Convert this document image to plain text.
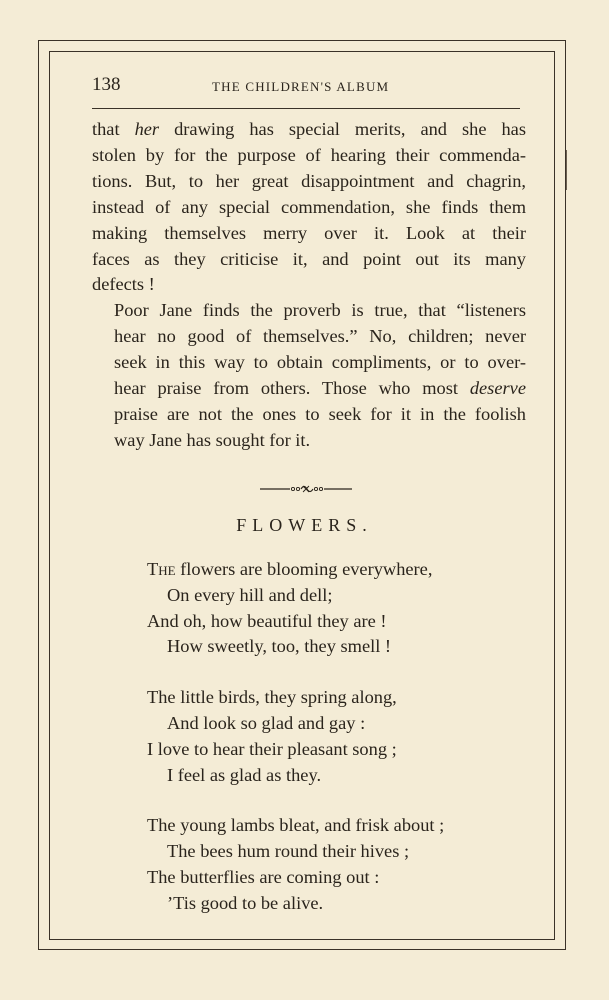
138	THE CHILDREN'S ALBUM

that her drawing has special merits, and she has
stolen by for the purpose of hearing their commenda-
tions. But, to her great disappointment and chagrin,
instead of any special commendation, she finds them
making themselves merry over it. Look at their
faces as they criticise it, and point out its many
defects !

Poor Jane finds the proverb is true, that “listeners
hear no good of themselves.” No, children; never
seek in this way to obtain compliments, or to over-
hear praise from others. Those who most deserve
praise are not the ones to seek for it in the foolish
way Jane has sought for it.

FLOWERS.
The flowers are blooming everywhere,
On every hill and dell;
And oh, how beautiful they are !
How sweetly, too, they smell !
The little birds, they spring along,
And look so glad and gay :
I love to hear their pleasant song ;
I feel as glad as they.
The young lambs bleat, and frisk about ;
The bees hum round their hives ;
The butterflies are coming out :
’Tis good to be alive.
